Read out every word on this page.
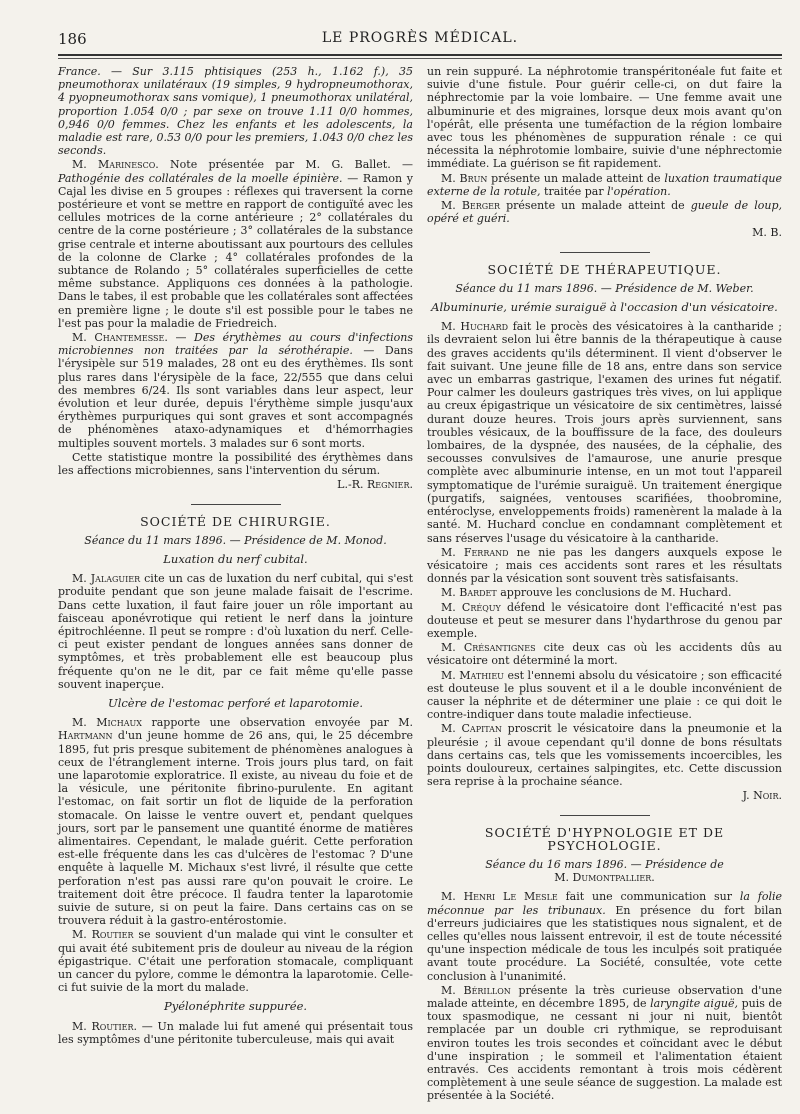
186	LE PROGRÈS MÉDICAL.

France. — Sur 3.115 phtisiques (253 h., 1.162 f.), 35 pneumothorax unilatéraux (19 simples, 9 hydropneumothorax, 4 pyopneumothorax sans vomique), 1 pneumothorax unilatéral, proportion 1.054 0/0 ; par sexe on trouve 1.11 0/0 hommes, 0,946 0/0 femmes. Chez les enfants et les adolescents, la maladie est rare, 0.53 0/0 pour les premiers, 1.043 0/0 chez les seconds.

M. Marinesco. Note présentée par M. G. Ballet. — Pathogénie des collatérales de la moelle épinière. — Ramon y Cajal les divise en 5 groupes : réflexes qui traversent la corne postérieure et vont se mettre en rapport de contiguïté avec les cellules motrices de la corne antérieure ; 2° collatérales du centre de la corne postérieure ; 3° collatérales de la substance grise centrale et interne aboutissant aux pourtours des cellules de la colonne de Clarke ; 4° collatérales profondes de la subtance de Rolando ; 5° collatérales superficielles de cette même substance. Appliquons ces données à la pathologie. Dans le tabes, il est probable que les collatérales sont affectées en première ligne ; le doute s'il est possible pour le tabes ne l'est pas pour la maladie de Friedreich.

M. Chantemesse. — Des érythèmes au cours d'infections microbiennes non traitées par la sérothérapie. — Dans l'érysipèle sur 519 malades, 28 ont eu des érythèmes. Ils sont plus rares dans l'érysipèle de la face, 22/555 que dans celui des membres 6/24. Ils sont variables dans leur aspect, leur évolution et leur durée, depuis l'érythème simple jusqu'aux érythèmes purpuriques qui sont graves et sont accompagnés de phénomènes ataxo-adynamiques et d'hémorrhagies multiples souvent mortels. 3 malades sur 6 sont morts.

Cette statistique montre la possibilité des érythèmes dans les affections microbiennes, sans l'intervention du sérum.

L.-R. Regnier.
SOCIÉTÉ DE CHIRURGIE.
Séance du 11 mars 1896. — Présidence de M. Monod.
Luxation du nerf cubital.

M. Jalaguier cite un cas de luxation du nerf cubital, qui s'est produite pendant que son jeune malade faisait de l'escrime. Dans cette luxation, il faut faire jouer un rôle important au faisceau aponévrotique qui retient le nerf dans la jointure épitrochléenne. Il peut se rompre : d'où luxation du nerf. Celle-ci peut exister pendant de longues années sans donner de symptômes, et très probablement elle est beaucoup plus fréquente qu'on ne le dit, par ce fait même qu'elle passe souvent inaperçue.

Ulcère de l'estomac perforé et laparotomie.

M. Michaux rapporte une observation envoyée par M. Hartmann d'un jeune homme de 26 ans, qui, le 25 décembre 1895, fut pris presque subitement de phénomènes analogues à ceux de l'étranglement interne. Trois jours plus tard, on fait une laparotomie exploratrice. Il existe, au niveau du foie et de la vésicule, une péritonite fibrino-purulente. En agitant l'estomac, on fait sortir un flot de liquide de la perforation stomacale. On laisse le ventre ouvert et, pendant quelques jours, sort par le pansement une quantité énorme de matières alimentaires. Cependant, le malade guérit. Cette perforation est-elle fréquente dans les cas d'ulcères de l'estomac ? D'une enquête à laquelle M. Michaux s'est livré, il résulte que cette perforation n'est pas aussi rare qu'on pouvait le croire. Le traitement doit être précoce. Il faudra tenter la laparotomie suivie de suture, si on peut la faire. Dans certains cas on se trouvera réduit à la gastro-entérostomie.

M. Routier se souvient d'un malade qui vint le consulter et qui avait été subitement pris de douleur au niveau de la région épigastrique. C'était une perforation stomacale, compliquant un cancer du pylore, comme le démontra la laparotomie. Celle-ci fut suivie de la mort du malade.

Pyélonéphrite suppurée.

M. Routier. — Un malade lui fut amené qui présentait tous les symptômes d'une péritonite tuberculeuse, mais qui avait

un rein suppuré. La néphrotomie transpéritonéale fut faite et suivie d'une fistule. Pour guérir celle-ci, on dut faire la néphrectomie par la voie lombaire. — Une femme avait une albuminurie et des migraines, lorsque deux mois avant qu'on l'opérât, elle présenta une tuméfaction de la région lombaire avec tous les phénomènes de suppuration rénale : ce qui nécessita la néphrotomie lombaire, suivie d'une néphrectomie immédiate. La guérison se fit rapidement.

M. Brun présente un malade atteint de luxation traumatique externe de la rotule, traitée par l'opération.

M. Berger présente un malade atteint de gueule de loup, opéré et guéri.

M. B.
SOCIÉTÉ DE THÉRAPEUTIQUE.
Séance du 11 mars 1896. — Présidence de M. Weber.
Albuminurie, urémie suraiguë à l'occasion d'un vésicatoire.

M. Huchard fait le procès des vésicatoires à la cantharide ; ils devraient selon lui être bannis de la thérapeutique à cause des graves accidents qu'ils déterminent. Il vient d'observer le fait suivant. Une jeune fille de 18 ans, entre dans son service avec un embarras gastrique, l'examen des urines fut négatif. Pour calmer les douleurs gastriques très vives, on lui applique au creux épigastrique un vésicatoire de six centimètres, laissé durant douze heures. Trois jours après surviennent, sans troubles vésicaux, de la bouffissure de la face, des douleurs lombaires, de la dyspnée, des nausées, de la céphalie, des secousses convulsives de l'amaurose, une anurie presque complète avec albuminurie intense, en un mot tout l'appareil symptomatique de l'urémie suraiguë. Un traitement énergique (purgatifs, saignées, ventouses scarifiées, thoobromine, entéroclyse, enveloppements froids) ramenèrent la malade à la santé. M. Huchard conclue en condamnant complètement et sans réserves l'usage du vésicatoire à la cantharide.

M. Ferrand ne nie pas les dangers auxquels expose le vésicatoire ; mais ces accidents sont rares et les résultats donnés par la vésication sont souvent très satisfaisants.

M. Bardet approuve les conclusions de M. Huchard.

M. Créquy défend le vésicatoire dont l'efficacité n'est pas douteuse et peut se mesurer dans l'hydarthrose du genou par exemple.

M. Crésantignes cite deux cas où les accidents dûs au vésicatoire ont déterminé la mort.

M. Mathieu est l'ennemi absolu du vésicatoire ; son efficacité est douteuse le plus souvent et il a le double inconvénient de causer la néphrite et de déterminer une plaie : ce qui doit le contre-indiquer dans toute maladie infectieuse.

M. Capitan proscrit le vésicatoire dans la pneumonie et la pleurésie ; il avoue cependant qu'il donne de bons résultats dans certains cas, tels que les vomissements incoercibles, les points douloureux, certaines salpingites, etc. Cette discussion sera reprise à la prochaine séance.

J. Noir.
SOCIÉTÉ D'HYPNOLOGIE ET DE PSYCHOLOGIE.
Séance du 16 mars 1896. — Présidence de
M. Dumontpallier.

M. Henri Le Mesle fait une communication sur la folie méconnue par les tribunaux. En présence du fort bilan d'erreurs judiciaires que les statistiques nous signalent, et de celles qu'elles nous laissent entrevoir, il est de toute nécessité qu'une inspection médicale de tous les inculpés soit pratiquée avant toute procédure. La Société, consultée, vote cette conclusion à l'unanimité.

M. Bérillon présente la très curieuse observation d'une malade atteinte, en décembre 1895, de laryngite aiguë, puis de toux spasmodique, ne cessant ni jour ni nuit, bientôt remplacée par un double cri rythmique, se reproduisant environ toutes les trois secondes et coïncidant avec le début d'une inspiration ; le sommeil et l'alimentation étaient entravés. Ces accidents remontant à trois mois cédèrent complètement à une seule séance de suggestion. La malade est présentée à la Société.
